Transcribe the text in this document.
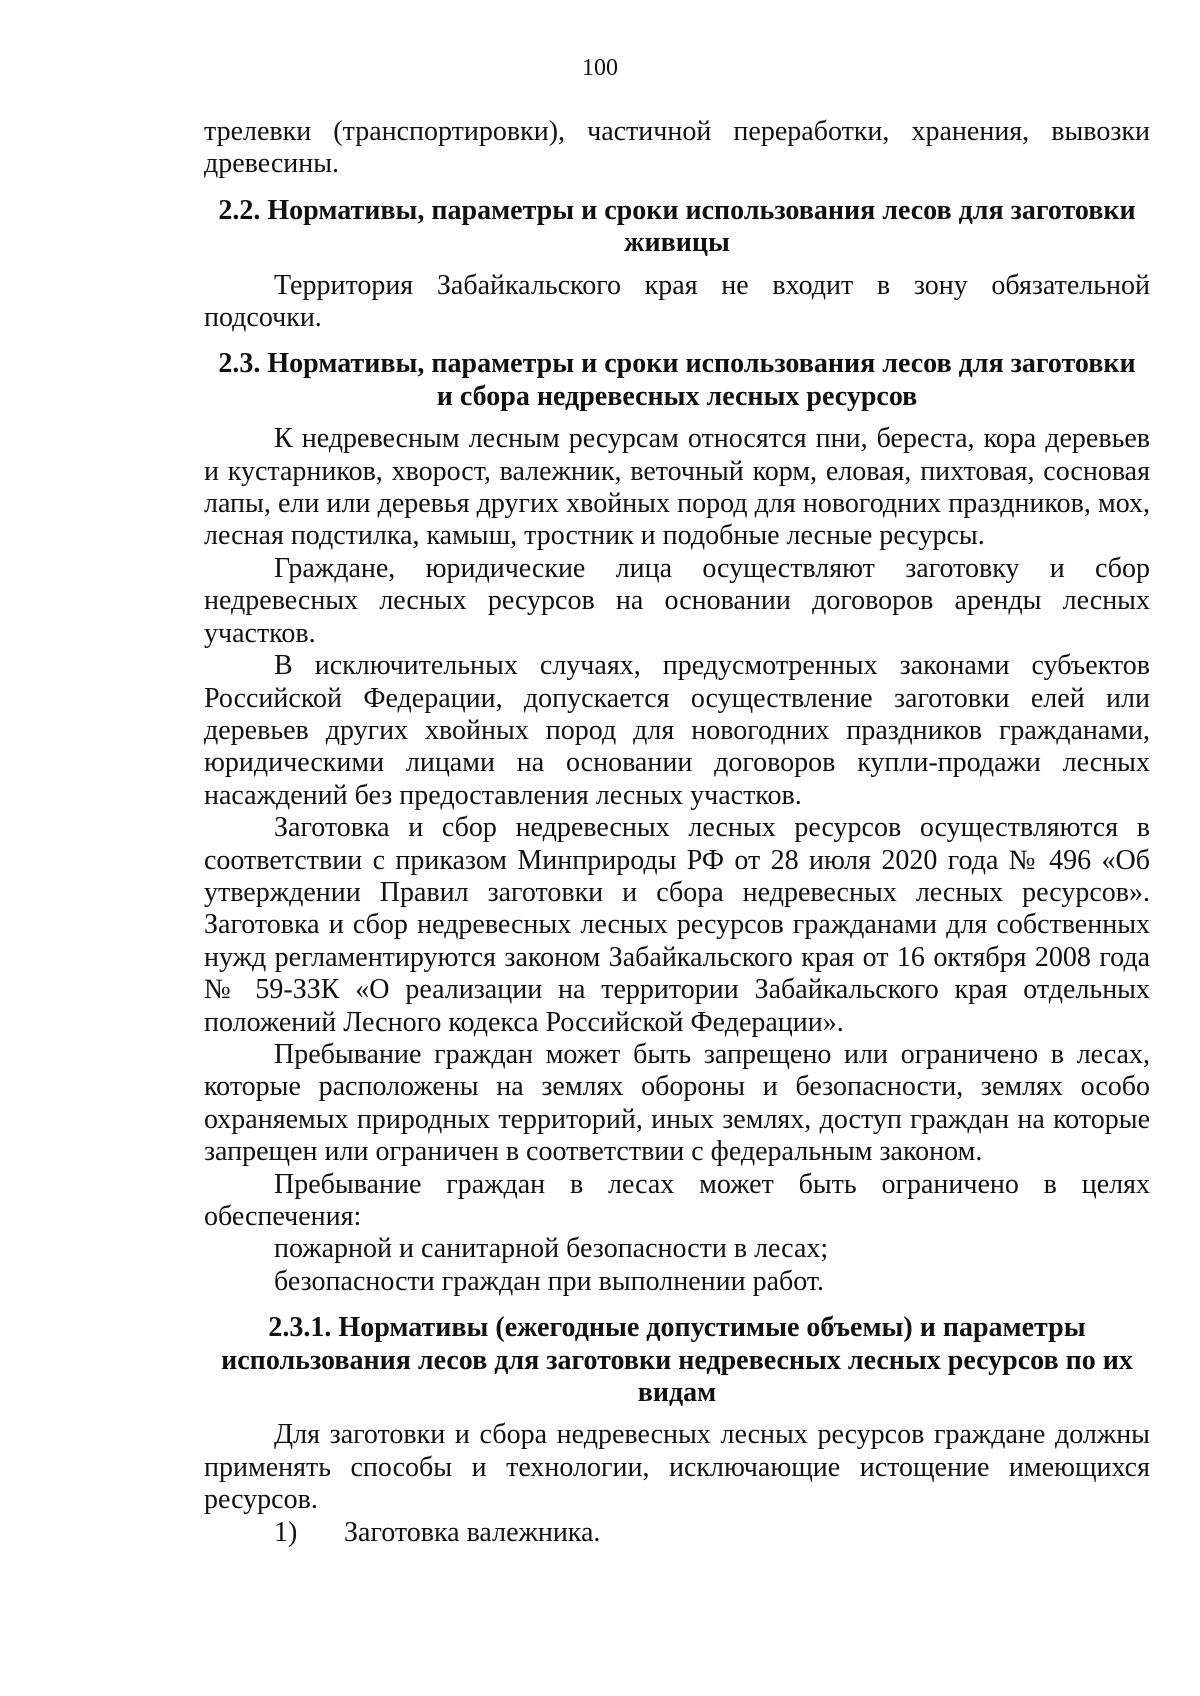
100

трелевки (транспортировки), частичной переработки, хранения, вывозки древесины.

2.2. Нормативы, параметры и сроки использования лесов для заготовки
живицы

Территория Забайкальского края не входит в зону обязательной подсочки.

2.3. Нормативы, параметры и сроки использования лесов для заготовки
и сбора недревесных лесных ресурсов

К недревесным лесным ресурсам относятся пни, береста, кора деревьев и кустарников, хворост, валежник, веточный корм, еловая, пихтовая, сосновая лапы, ели или деревья других хвойных пород для новогодних праздников, мох, лесная подстилка, камыш, тростник и подобные лесные ресурсы.

Граждане, юридические лица осуществляют заготовку и сбор недревесных лесных ресурсов на основании договоров аренды лесных участков.

В исключительных случаях, предусмотренных законами субъектов Российской Федерации, допускается осуществление заготовки елей или деревьев других хвойных пород для новогодних праздников гражданами, юридическими лицами на основании договоров купли-продажи лесных насаждений без предоставления лесных участков.

Заготовка и сбор недревесных лесных ресурсов осуществляются в соответствии с приказом Минприроды РФ от 28 июля 2020 года № 496 «Об утверждении Правил заготовки и сбора недревесных лесных ресурсов». Заготовка и сбор недревесных лесных ресурсов гражданами для собственных нужд регламентируются законом Забайкальского края от 16 октября 2008 года № 59-ЗЗК «О реализации на территории Забайкальского края отдельных положений Лесного кодекса Российской Федерации».

Пребывание граждан может быть запрещено или ограничено в лесах, которые расположены на землях обороны и безопасности, землях особо охраняемых природных территорий, иных землях, доступ граждан на которые запрещен или ограничен в соответствии с федеральным законом.

Пребывание граждан в лесах может быть ограничено в целях обеспечения:

пожарной и санитарной безопасности в лесах;

безопасности граждан при выполнении работ.

2.3.1. Нормативы (ежегодные допустимые объемы) и параметры
использования лесов для заготовки недревесных лесных ресурсов по их
видам

Для заготовки и сбора недревесных лесных ресурсов граждане должны применять способы и технологии, исключающие истощение имеющихся ресурсов.

1) Заготовка валежника.
